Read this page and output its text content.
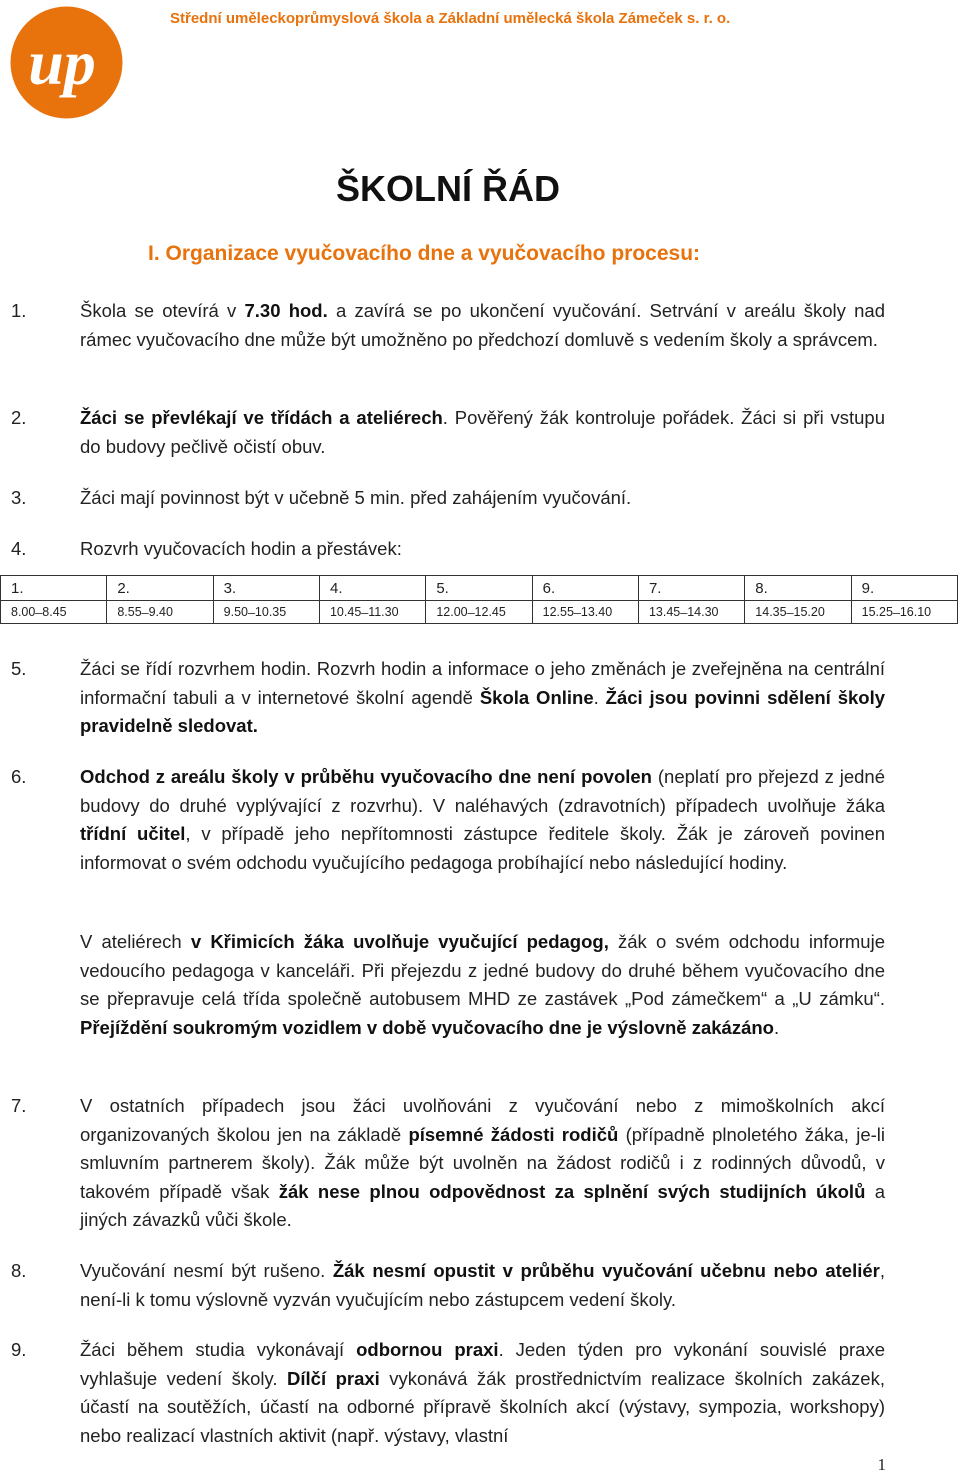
up
Střední uměleckoprůmyslová škola a Základní umělecká škola Zámeček s. r. o.
ŠKOLNÍ ŘÁD
I. Organizace vyučovacího dne a vyučovacího procesu:
1.	Škola se otevírá v 7.30 hod. a zavírá se po ukončení vyučování. Setrvání v areálu školy nad rámec vyučovacího dne může být umožněno po předchozí domluvě s vedením školy a správcem.

2.	Žáci se převlékají ve třídách a ateliérech. Pověřený žák kontroluje pořádek. Žáci si při vstupu do budovy pečlivě očistí obuv.

3.	Žáci mají povinnost být v učebně 5 min. před zahájením vyučování.

4.	Rozvrh vyučovacích hodin a přestávek:

1.	2.	3.	4.	5.	6.	7.	8.	9.
8.00 ̶ 8.45	8.55 ̶ 9.40	9.50 ̶ 10.35	10.45 ̶ 11.30	12.00 ̶ 12.45	12.55 ̶ 13.40	13.45 ̶ 14.30	14.35 ̶ 15.20	15.25 ̶ 16.10
5.	Žáci se řídí rozvrhem hodin. Rozvrh hodin a informace o jeho změnách je zveřejněna na centrální informační tabuli a v internetové školní agendě Škola Online. Žáci jsou povinni sdělení školy pravidelně sledovat.

6.	Odchod z areálu školy v průběhu vyučovacího dne není povolen (neplatí pro přejezd z jedné budovy do druhé vyplývající z rozvrhu). V naléhavých (zdravotních) případech uvolňuje žáka třídní učitel, v případě jeho nepřítomnosti zástupce ředitele školy. Žák je zároveň povinen informovat o svém odchodu vyučujícího pedagoga probíhající nebo následující hodiny.

V ateliérech v Křimicích žáka uvolňuje vyučující pedagog, žák o svém odchodu informuje vedoucího pedagoga v kanceláři. Při přejezdu z jedné budovy do druhé během vyučovacího dne se přepravuje celá třída společně autobusem MHD ze zastávek „Pod zámečkem“ a „U zámku“. Přejíždění soukromým vozidlem v době vyučovacího dne je výslovně zakázáno.

7.	V ostatních případech jsou žáci uvolňováni z vyučování nebo z mimoškolních akcí organizovaných školou jen na základě písemné žádosti rodičů (případně plnoletého žáka, je-li smluvním partnerem školy). Žák může být uvolněn na žádost rodičů i z rodinných důvodů, v takovém případě však žák nese plnou odpovědnost za splnění svých studijních úkolů a jiných závazků vůči škole.

8.	Vyučování nesmí být rušeno. Žák nesmí opustit v průběhu vyučování učebnu nebo ateliér, není-li k tomu výslovně vyzván vyučujícím nebo zástupcem vedení školy.

9.	Žáci během studia vykonávají odbornou praxi. Jeden týden pro vykonání souvislé praxe vyhlašuje vedení školy. Dílčí praxi vykonává žák prostřednictvím realizace školních zakázek, účastí na soutěžích, účastí na odborné přípravě školních akcí (výstavy, sympozia, workshopy) nebo realizací vlastních aktivit (např. výstavy, vlastní

1
